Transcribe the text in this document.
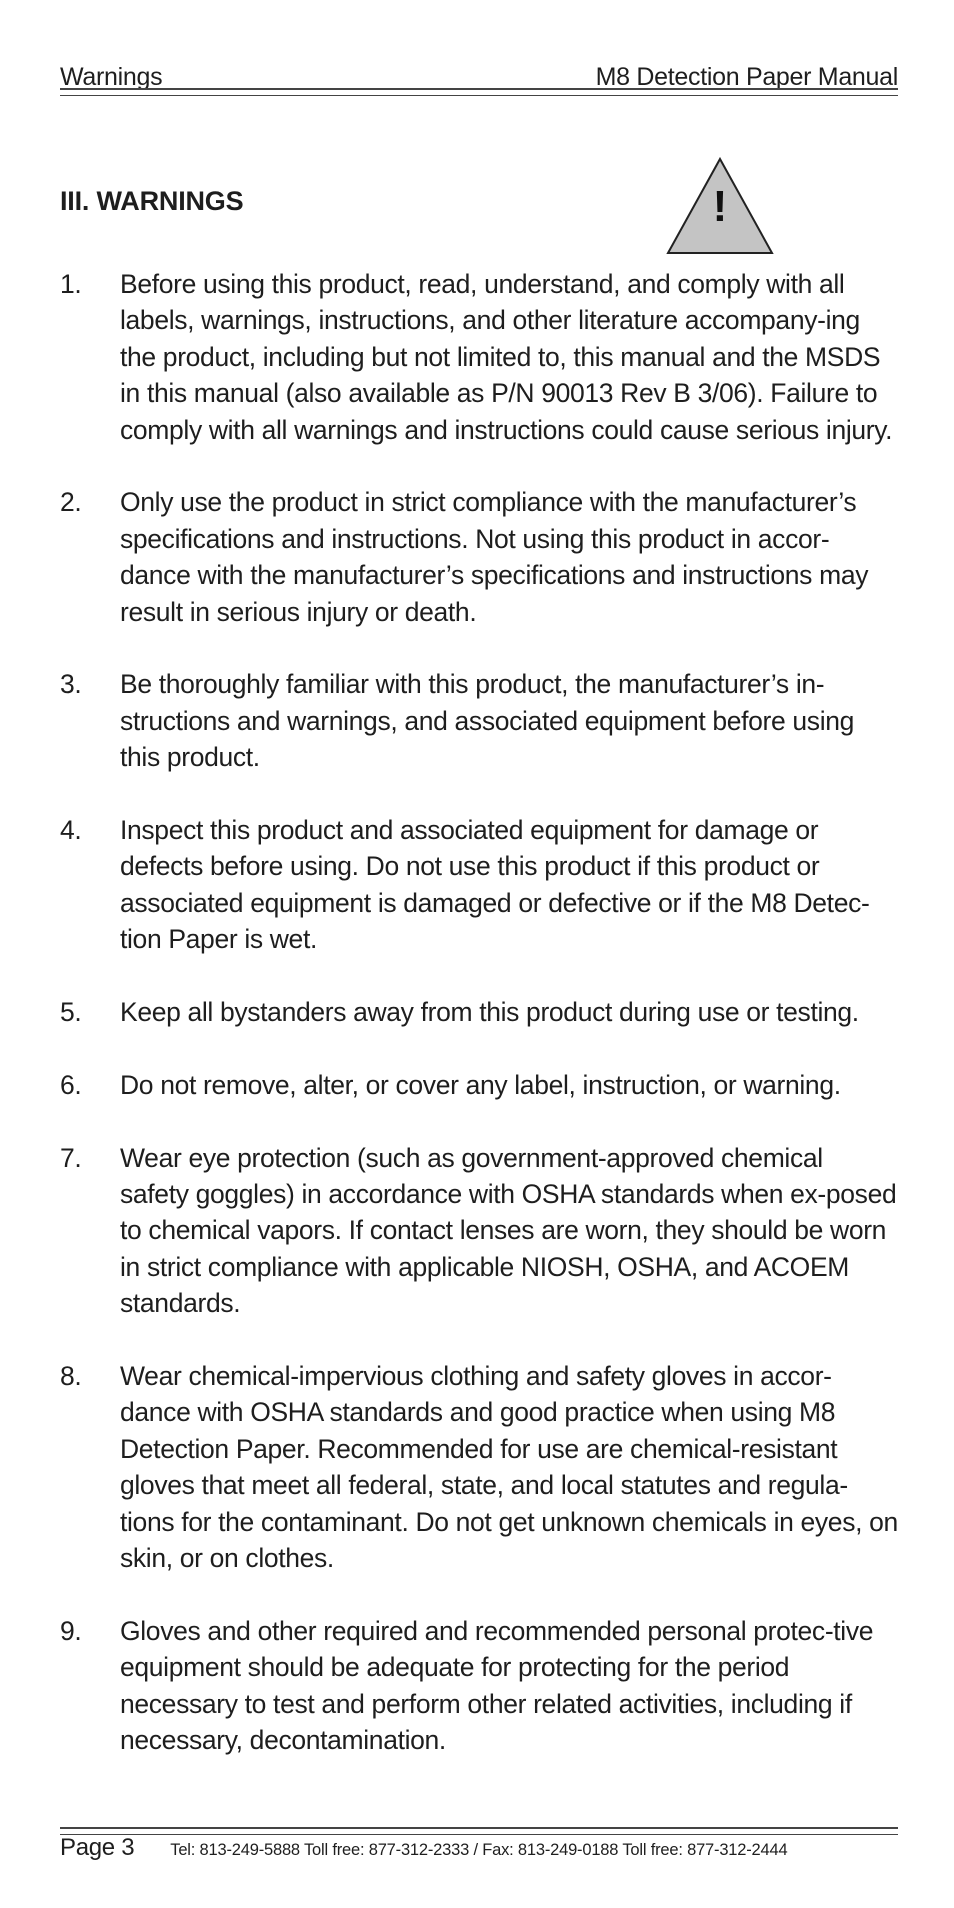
Warnings	M8 Detection Paper Manual
III. WARNINGS	!
1.	Before using this product, read, understand, and comply with all labels, warnings, instructions, and other literature accompany-ing the product, including but not limited to, this manual and the MSDS in this manual (also available as P/N 90013 Rev B 3/06). Failure to comply with all warnings and instructions could cause serious injury.
2.	Only use the product in strict compliance with the manufacturer’s specifications and instructions. Not using this product in accor-dance with the manufacturer’s specifications and instructions may result in serious injury or death.
3.	Be thoroughly familiar with this product, the manufacturer’s in-structions and warnings, and associated equipment before using this product.
4.	Inspect this product and associated equipment for damage or defects before using. Do not use this product if this product or associated equipment is damaged or defective or if the M8 Detec-tion Paper is wet.
5.	Keep all bystanders away from this product during use or testing.
6.	Do not remove, alter, or cover any label, instruction, or warning.
7.	Wear eye protection (such as government-approved chemical safety goggles) in accordance with OSHA standards when ex-posed to chemical vapors. If contact lenses are worn, they should be worn in strict compliance with applicable NIOSH, OSHA, and ACOEM standards.
8.	Wear chemical-impervious clothing and safety gloves in accor-dance with OSHA standards and good practice when using M8 Detection Paper. Recommended for use are chemical-resistant gloves that meet all federal, state, and local statutes and regula-tions for the contaminant. Do not get unknown chemicals in eyes, on skin, or on clothes.
9.	Gloves and other required and recommended personal protec-tive equipment should be adequate for protecting for the period necessary to test and perform other related activities, including if necessary, decontamination.
Page 3 Tel: 813-249-5888 Toll free: 877-312-2333 / Fax: 813-249-0188 Toll free: 877-312-2444
